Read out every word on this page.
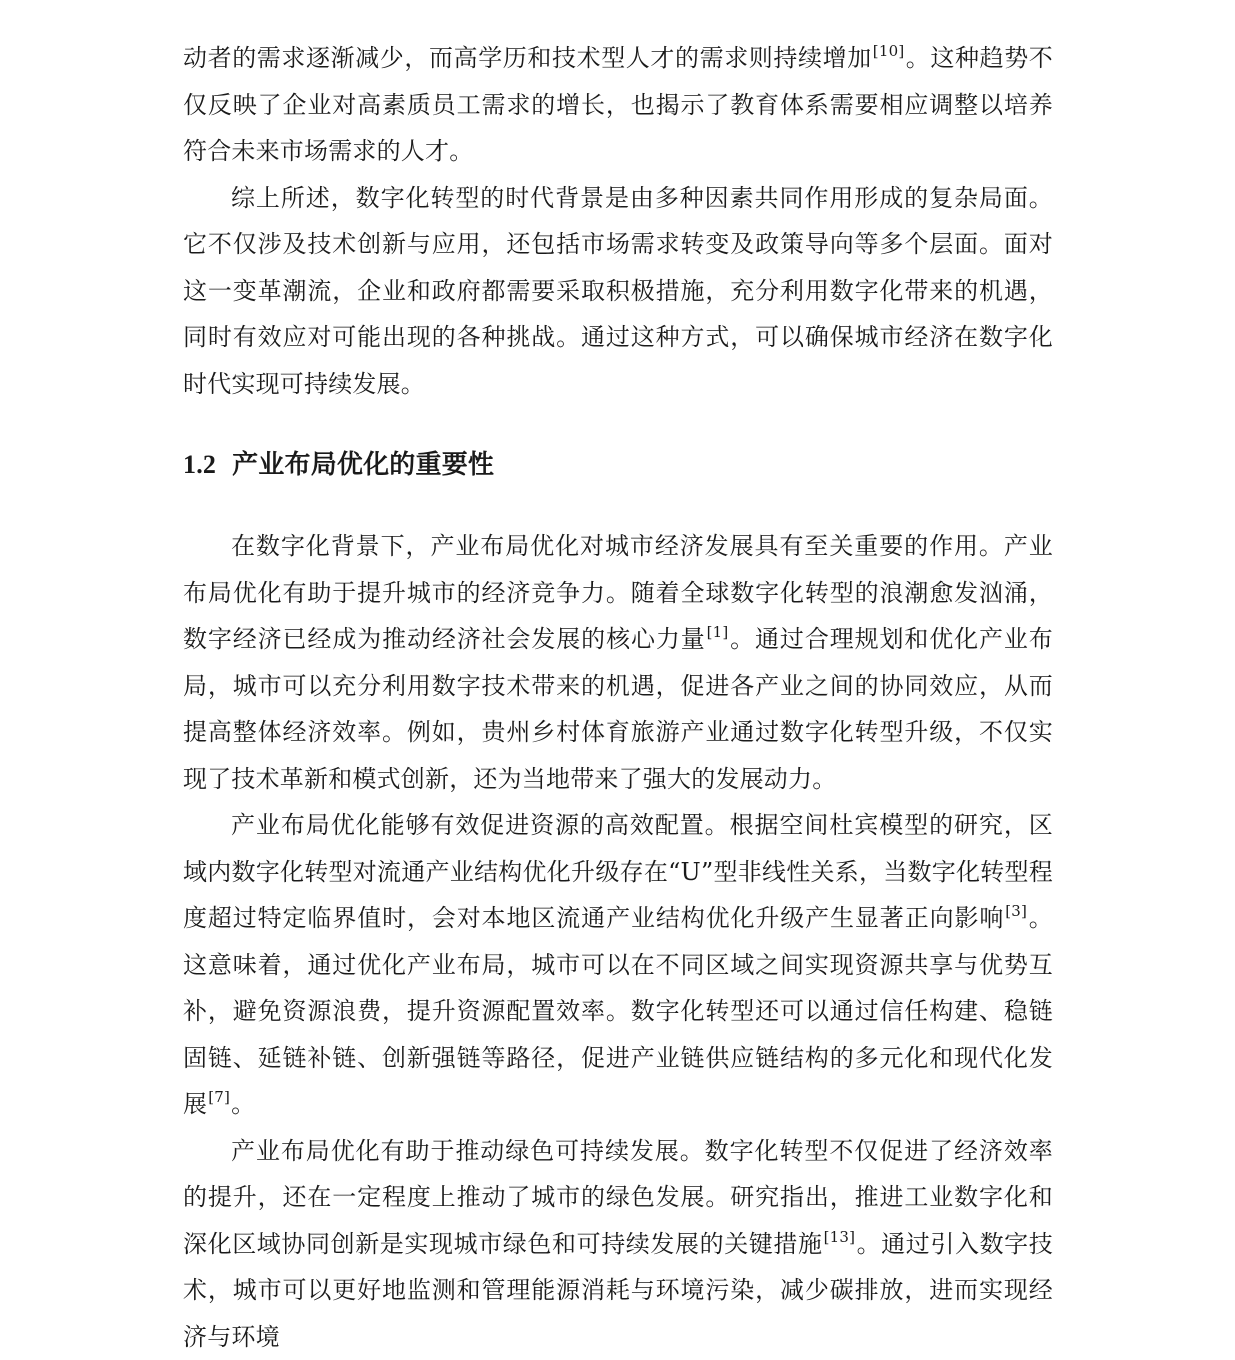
动者的需求逐渐减少，而高学历和技术型人才的需求则持续增加[10]。这种趋势不仅反映了企业对高素质员工需求的增长，也揭示了教育体系需要相应调整以培养符合未来市场需求的人才。

综上所述，数字化转型的时代背景是由多种因素共同作用形成的复杂局面。它不仅涉及技术创新与应用，还包括市场需求转变及政策导向等多个层面。面对这一变革潮流，企业和政府都需要采取积极措施，充分利用数字化带来的机遇，同时有效应对可能出现的各种挑战。通过这种方式，可以确保城市经济在数字化时代实现可持续发展。

1.2 产业布局优化的重要性

在数字化背景下，产业布局优化对城市经济发展具有至关重要的作用。产业布局优化有助于提升城市的经济竞争力。随着全球数字化转型的浪潮愈发汹涌，数字经济已经成为推动经济社会发展的核心力量[1]。通过合理规划和优化产业布局，城市可以充分利用数字技术带来的机遇，促进各产业之间的协同效应，从而提高整体经济效率。例如，贵州乡村体育旅游产业通过数字化转型升级，不仅实现了技术革新和模式创新，还为当地带来了强大的发展动力。

产业布局优化能够有效促进资源的高效配置。根据空间杜宾模型的研究，区域内数字化转型对流通产业结构优化升级存在“U”型非线性关系，当数字化转型程度超过特定临界值时，会对本地区流通产业结构优化升级产生显著正向影响[3]。这意味着，通过优化产业布局，城市可以在不同区域之间实现资源共享与优势互补，避免资源浪费，提升资源配置效率。数字化转型还可以通过信任构建、稳链固链、延链补链、创新强链等路径，促进产业链供应链结构的多元化和现代化发展[7]。

产业布局优化有助于推动绿色可持续发展。数字化转型不仅促进了经济效率的提升，还在一定程度上推动了城市的绿色发展。研究指出，推进工业数字化和深化区域协同创新是实现城市绿色和可持续发展的关键措施[13]。通过引入数字技术，城市可以更好地监测和管理能源消耗与环境污染，减少碳排放，进而实现经济与环境
